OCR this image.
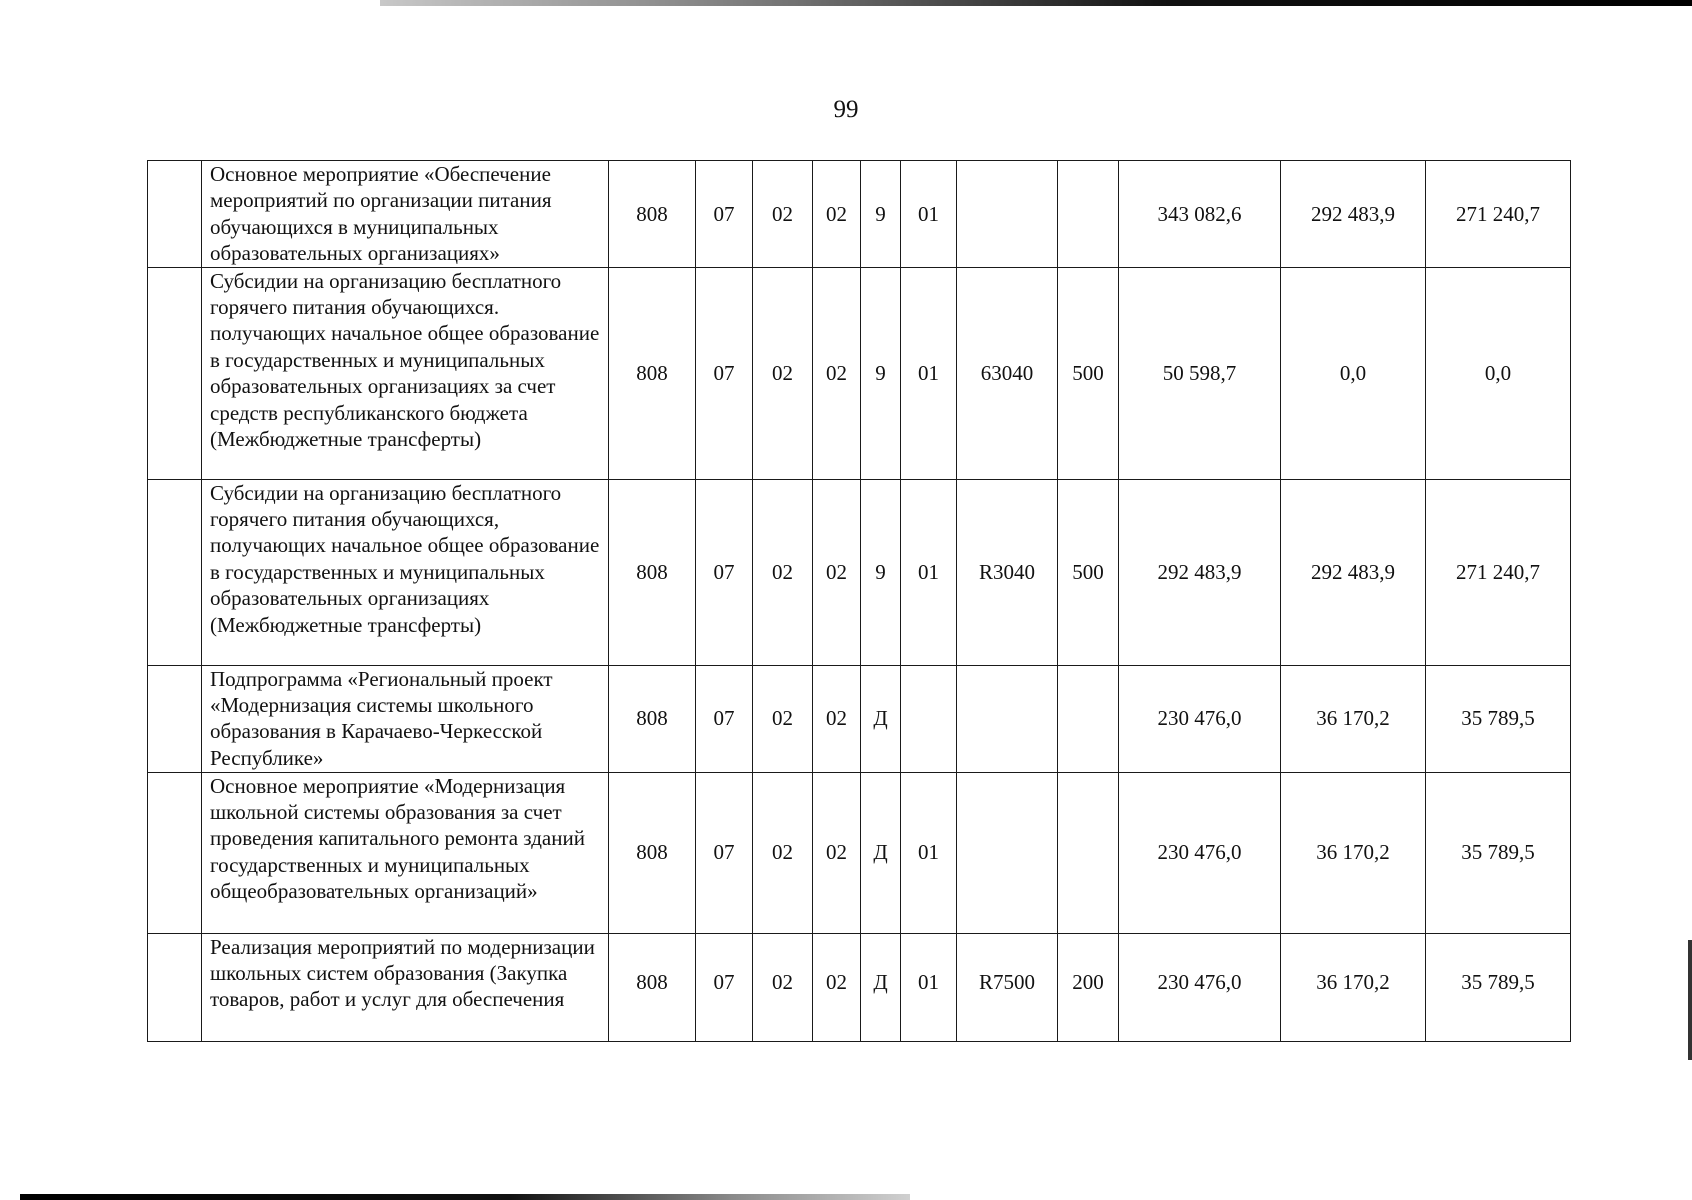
99
	Основное мероприятие «Обеспечение мероприятий по организации питания обучающихся в муниципальных образовательных организациях»	808	07	02	02	9	01			343 082,6	292 483,9	271 240,7
	Субсидии на организацию бесплатного горячего питания обучающихся. получающих начальное общее образование в государственных и муниципальных образовательных организациях за счет средств республиканского бюджета (Межбюджетные трансферты)	808	07	02	02	9	01	63040	500	50 598,7	0,0	0,0
	Субсидии на организацию бесплатного горячего питания обучающихся, получающих начальное общее образование в государственных и муниципальных образовательных организациях (Межбюджетные трансферты)	808	07	02	02	9	01	R3040	500	292 483,9	292 483,9	271 240,7
	Подпрограмма «Региональный проект «Модернизация системы школьного образования в Карачаево-Черкесской Республике»	808	07	02	02	Д				230 476,0	36 170,2	35 789,5
	Основное мероприятие «Модернизация школьной системы образования за счет проведения капитального ремонта зданий государственных и муниципальных общеобразовательных организаций»	808	07	02	02	Д	01			230 476,0	36 170,2	35 789,5
	Реализация мероприятий по модернизации школьных систем образования (Закупка товаров, работ и услуг для обеспечения	808	07	02	02	Д	01	R7500	200	230 476,0	36 170,2	35 789,5
